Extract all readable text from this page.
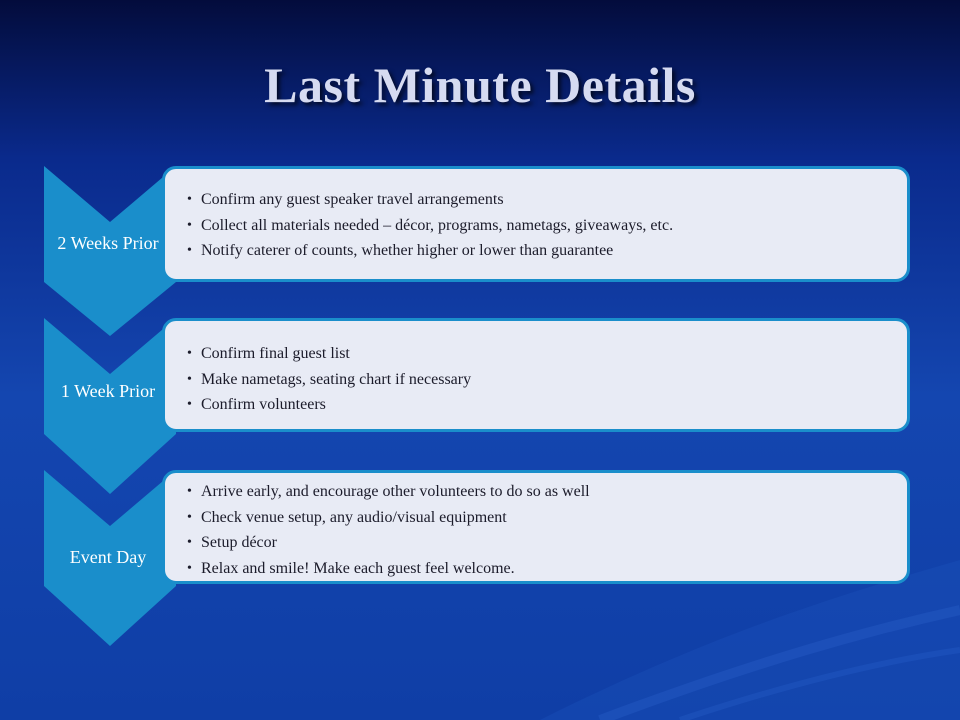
Last Minute Details
2 Weeks Prior
• Confirm any guest speaker travel arrangements
• Collect all materials needed – décor, programs, nametags, giveaways, etc.
• Notify caterer of counts, whether higher or lower than guarantee
1 Week Prior
• Confirm final guest list
• Make nametags, seating chart if necessary
• Confirm volunteers
Event Day
• Arrive early, and encourage other volunteers to do so as well
• Check venue setup, any audio/visual equipment
• Setup décor
• Relax and smile! Make each guest feel welcome.
